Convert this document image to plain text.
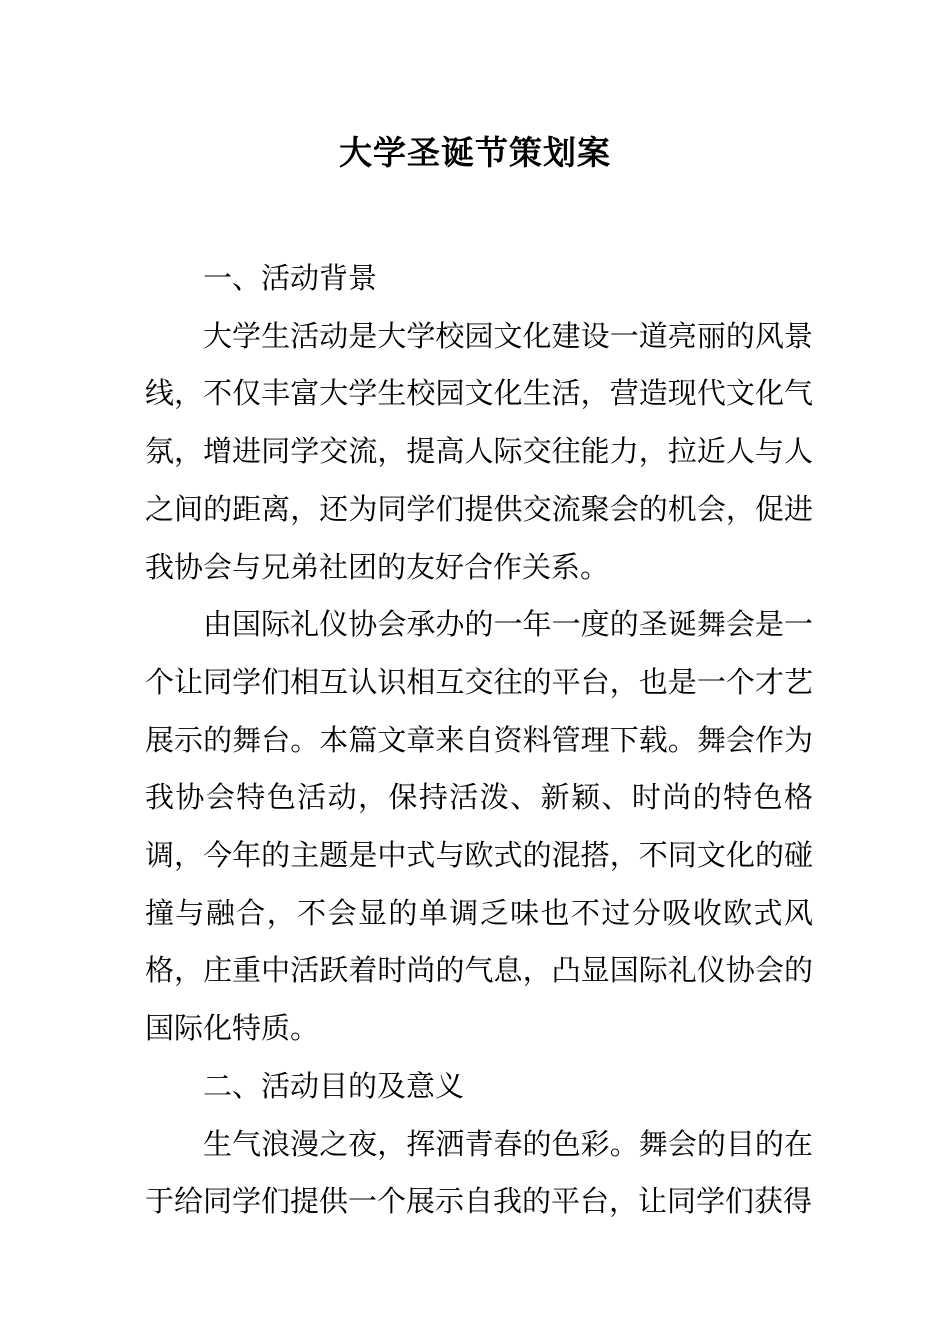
大学圣诞节策划案

一、活动背景

大学生活动是大学校园文化建设一道亮丽的风景线，不仅丰富大学生校园文化生活，营造现代文化气氛，增进同学交流，提高人际交往能力，拉近人与人之间的距离，还为同学们提供交流聚会的机会，促进我协会与兄弟社团的友好合作关系。

由国际礼仪协会承办的一年一度的圣诞舞会是一个让同学们相互认识相互交往的平台，也是一个才艺展示的舞台。本篇文章来自资料管理下载。舞会作为我协会特色活动，保持活泼、新颖、时尚的特色格调，今年的主题是中式与欧式的混搭，不同文化的碰撞与融合，不会显的单调乏味也不过分吸收欧式风格，庄重中活跃着时尚的气息，凸显国际礼仪协会的国际化特质。

二、活动目的及意义

生气浪漫之夜，挥洒青春的色彩。舞会的目的在于给同学们提供一个展示自我的平台，让同学们获得
